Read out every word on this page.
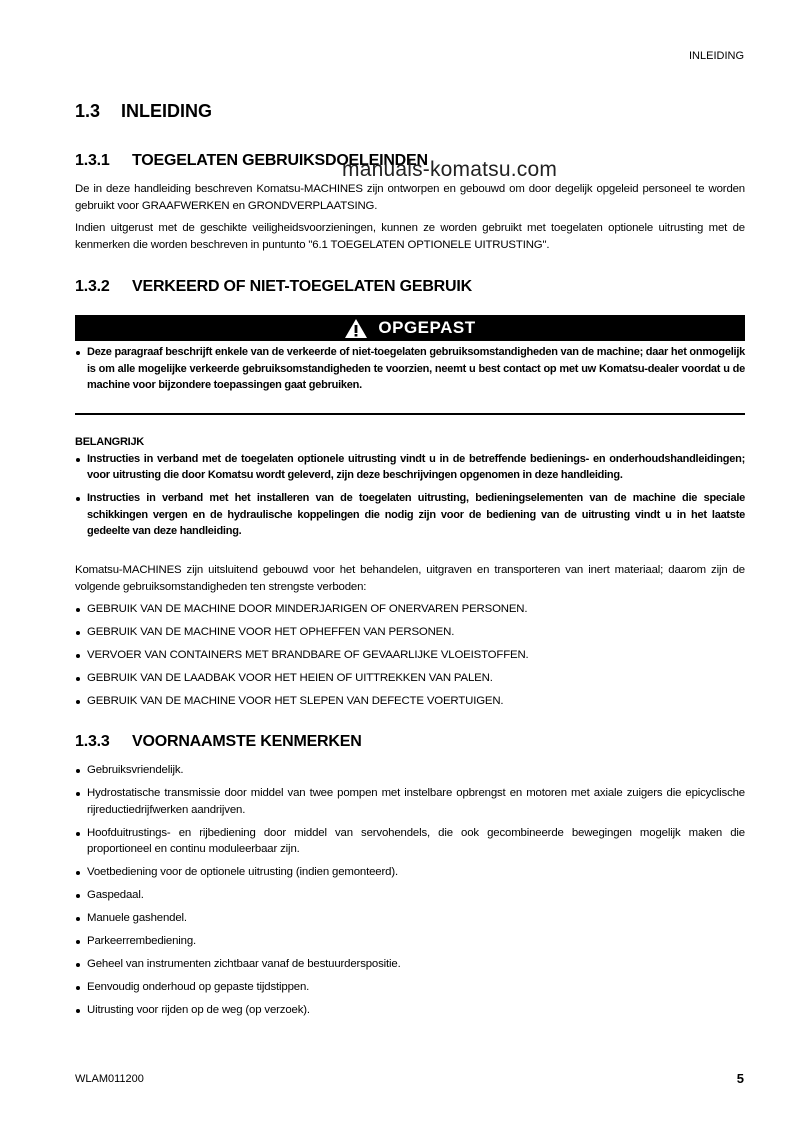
INLEIDING
1.3 INLEIDING
1.3.1 TOEGELATEN GEBRUIKSDOELEINDEN
manuals-komatsu.com

De in deze handleiding beschreven Komatsu-MACHINES zijn ontworpen en gebouwd om door degelijk opgeleid personeel te worden gebruikt voor GRAAFWERKEN en GRONDVERPLAATSING.

Indien uitgerust met de geschikte veiligheidsvoorzieningen, kunnen ze worden gebruikt met toegelaten optionele uitrusting met de kenmerken die worden beschreven in puntunto "6.1 TOEGELATEN OPTIONELE UITRUSTING".

1.3.2 VERKEERD OF NIET-TOEGELATEN GEBRUIK
OPGEPAST
Deze paragraaf beschrijft enkele van de verkeerde of niet-toegelaten gebruiksomstandigheden van de machine; daar het onmogelijk is om alle mogelijke verkeerde gebruiksomstandigheden te voorzien, neemt u best contact op met uw Komatsu-dealer voordat u de machine voor bijzondere toepassingen gaat gebruiken.

BELANGRIJK

Instructies in verband met de toegelaten optionele uitrusting vindt u in de betreffende bedienings- en onderhoudshandleidingen; voor uitrusting die door Komatsu wordt geleverd, zijn deze beschrijvingen opgenomen in deze handleiding.
Instructies in verband met het installeren van de toegelaten uitrusting, bedieningselementen van de machine die speciale schikkingen vergen en de hydraulische koppelingen die nodig zijn voor de bediening van de uitrusting vindt u in het laatste gedeelte van deze handleiding.

Komatsu-MACHINES zijn uitsluitend gebouwd voor het behandelen, uitgraven en transporteren van inert materiaal; daarom zijn de volgende gebruiksomstandigheden ten strengste verboden:

GEBRUIK VAN DE MACHINE DOOR MINDERJARIGEN OF ONERVAREN PERSONEN.
GEBRUIK VAN DE MACHINE VOOR HET OPHEFFEN VAN PERSONEN.
VERVOER VAN CONTAINERS MET BRANDBARE OF GEVAARLIJKE VLOEISTOFFEN.
GEBRUIK VAN DE LAADBAK VOOR HET HEIEN OF UITTREKKEN VAN PALEN.
GEBRUIK VAN DE MACHINE VOOR HET SLEPEN VAN DEFECTE VOERTUIGEN.
1.3.3 VOORNAAMSTE KENMERKEN
Gebruiksvriendelijk.
Hydrostatische transmissie door middel van twee pompen met instelbare opbrengst en motoren met axiale zuigers die epicyclische rijreductiedrijfwerken aandrijven.
Hoofduitrustings- en rijbediening door middel van servohendels, die ook gecombineerde bewegingen mogelijk maken die proportioneel en continu moduleerbaar zijn.
Voetbediening voor de optionele uitrusting (indien gemonteerd).
Gaspedaal.
Manuele gashendel.
Parkeerrembediening.
Geheel van instrumenten zichtbaar vanaf de bestuurderspositie.
Eenvoudig onderhoud op gepaste tijdstippen.
Uitrusting voor rijden op de weg (op verzoek).
WLAM011200	5
